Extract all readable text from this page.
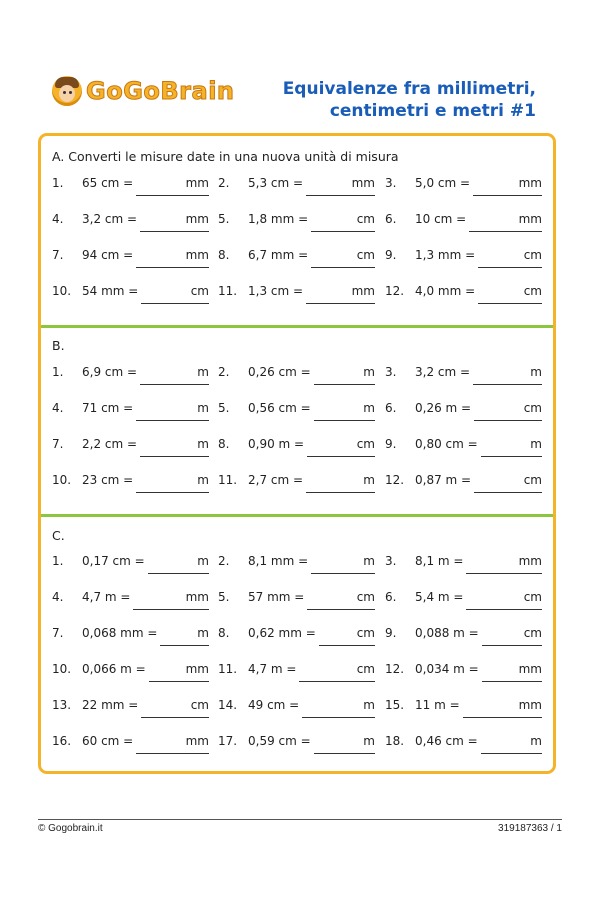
GoGoBrain	Equivalenze fra millimetri,
centimetri e metri #1
A. Converti le misure date in una nuova unità di misura
1. 65 cm =	mm 2. 5,3 cm =	mm 3. 5,0 cm =	mm
4. 3,2 cm =	mm 5. 1,8 mm =	cm 6. 10 cm =	mm
7. 94 cm =	mm 8. 6,7 mm =	cm 9. 1,3 mm =	cm
10. 54 mm =	cm 11. 1,3 cm =	mm 12. 4,0 mm =	cm
B.
1. 6,9 cm =	m 2. 0,26 cm =	m 3. 3,2 cm =	m
4. 71 cm =	m 5. 0,56 cm =	m 6. 0,26 m =	cm
7. 2,2 cm =	m 8. 0,90 m =	cm 9. 0,80 cm =	m
10. 23 cm =	m 11. 2,7 cm =	m 12. 0,87 m =	cm
C.
1. 0,17 cm =	m 2. 8,1 mm =	m 3. 8,1 m =	mm
4. 4,7 m =	mm 5. 57 mm =	cm 6. 5,4 m =	cm
7. 0,068 mm =	m 8. 0,62 mm =	cm 9. 0,088 m =	cm
10. 0,066 m =	mm 11. 4,7 m =	cm 12. 0,034 m =	mm
13. 22 mm =	cm 14. 49 cm =	m 15. 11 m =	mm
16. 60 cm =	mm 17. 0,59 cm =	m 18. 0,46 cm =	m
© Gogobrain.it	319187363 / 1
